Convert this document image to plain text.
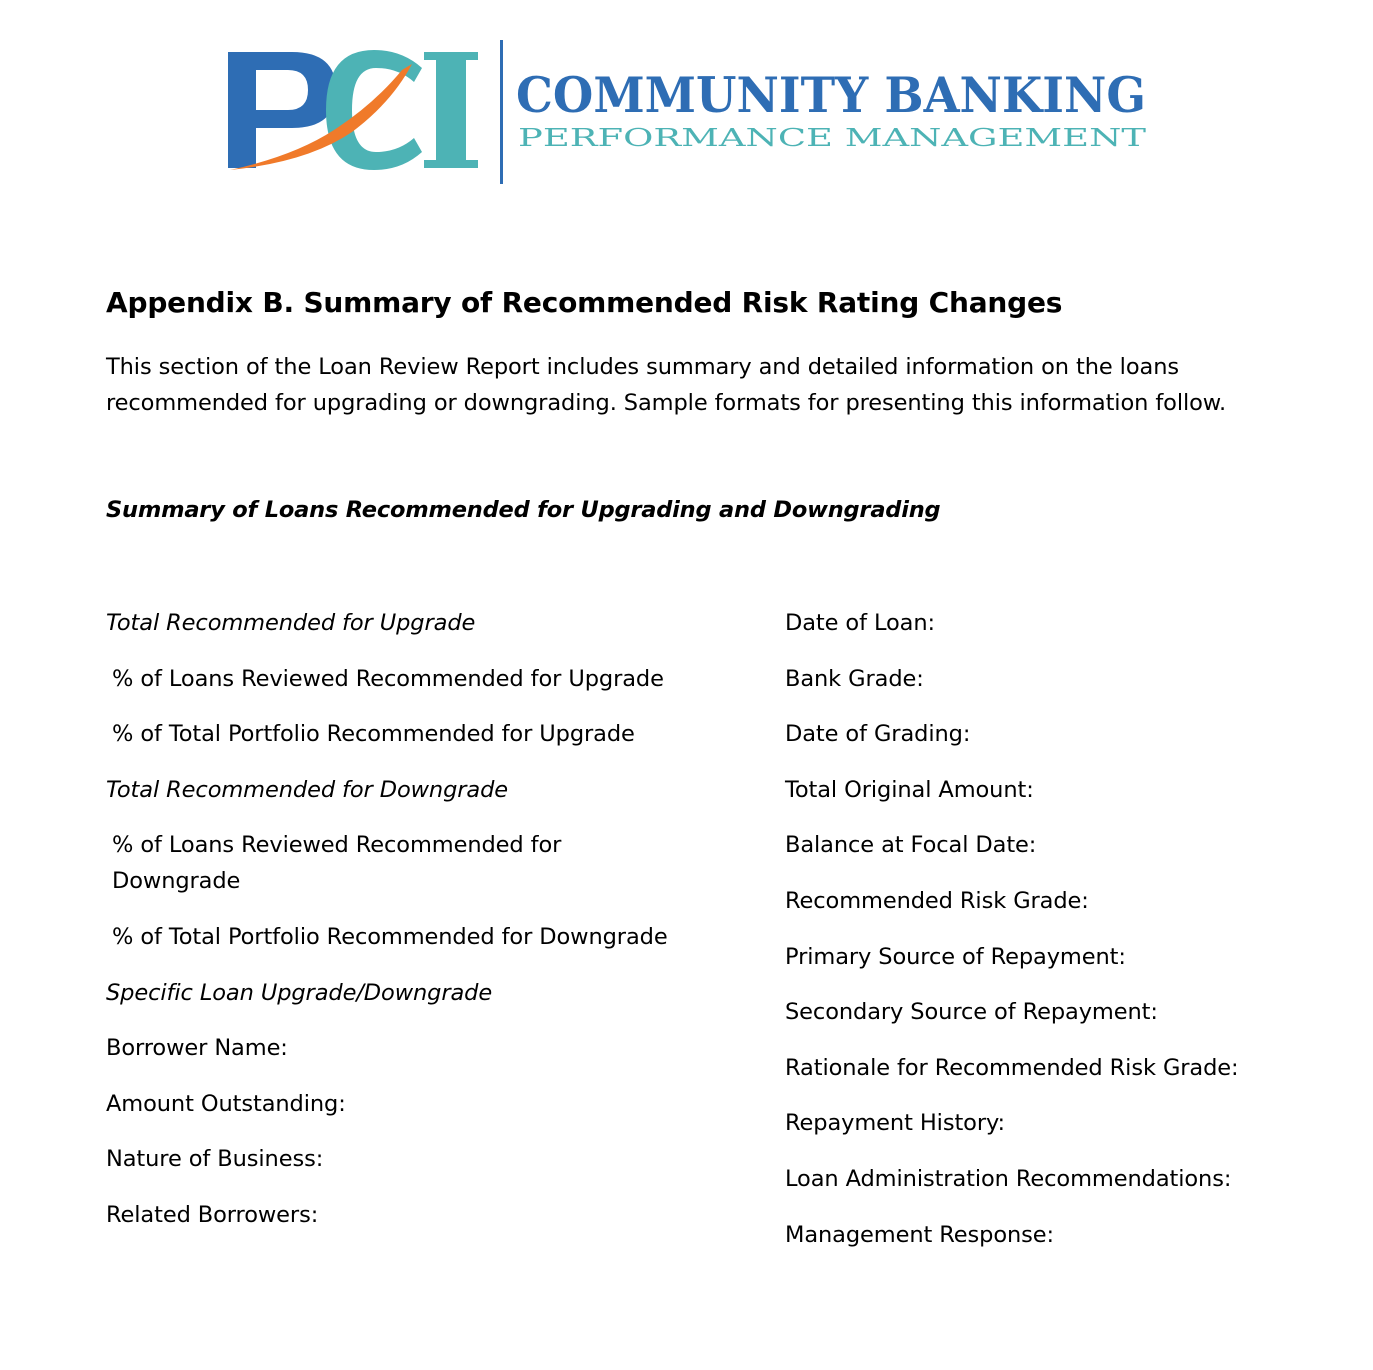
COMMUNITY BANKING
PERFORMANCE MANAGEMENT
Appendix B. Summary of Recommended Risk Rating Changes
This section of the Loan Review Report includes summary and detailed information on the loans recommended for upgrading or downgrading. Sample formats for presenting this information follow.
Summary of Loans Recommended for Upgrading and Downgrading
Total Recommended for Upgrade
% of Loans Reviewed Recommended for Upgrade
% of Total Portfolio Recommended for Upgrade
Total Recommended for Downgrade
% of Loans Reviewed Recommended for Downgrade
% of Total Portfolio Recommended for Downgrade
Specific Loan Upgrade/Downgrade
Borrower Name:
Amount Outstanding:
Nature of Business:
Related Borrowers:
Date of Loan:
Bank Grade:
Date of Grading:
Total Original Amount:
Balance at Focal Date:
Recommended Risk Grade:
Primary Source of Repayment:
Secondary Source of Repayment:
Rationale for Recommended Risk Grade:
Repayment History:
Loan Administration Recommendations:
Management Response:
